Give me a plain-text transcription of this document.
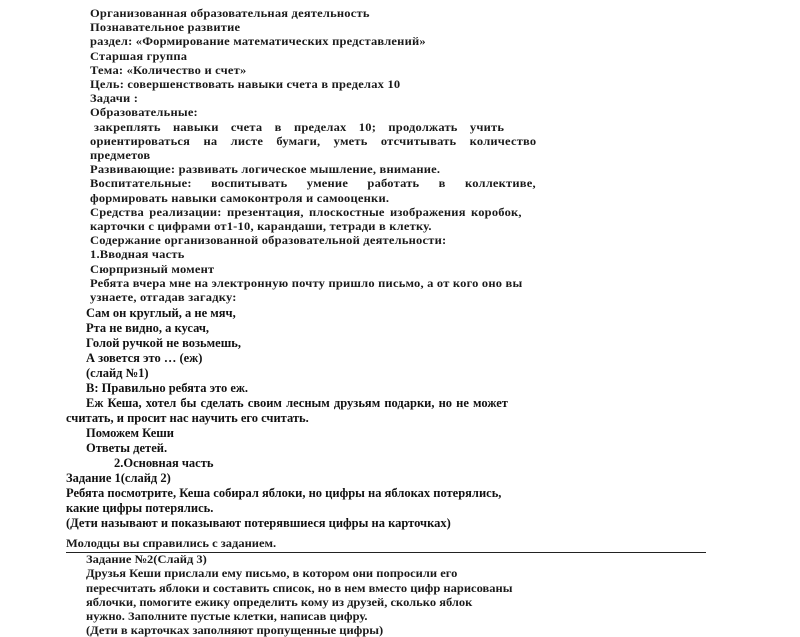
Организованная образовательная деятельность
Познавательное развитие
раздел: «Формирование математических представлений»
Старшая группа
Тема: «Количество и счет»
Цель: совершенствовать навыки счета в пределах 10
Задачи :
Образовательные:
закреплять навыки счета в пределах 10; продолжать учить
ориентироваться на листе бумаги, уметь отсчитывать количество
предметов
Развивающие: развивать логическое мышление, внимание.
Воспитательные: воспитывать умение работать в коллективе,
формировать навыки самоконтроля и самооценки.
Средства реализации: презентация, плоскостные изображения коробок,
карточки с цифрами от1-10, карандаши, тетради в клетку.
Содержание организованной образовательной деятельности:
1.Вводная часть
Сюрпризный момент
Ребята вчера мне на электронную почту пришло письмо, а от кого оно вы
узнаете, отгадав загадку:
Сам он круглый, а не мяч,
Рта не видно, а кусач,
Голой ручкой не возьмешь,
А зовется это … (еж)
(слайд №1)
В: Правильно ребята это еж.
Еж Кеша, хотел бы сделать своим лесным друзьям подарки, но не может
считать, и просит нас научить его считать.
Поможем Кеши
Ответы детей.
2.Основная часть
Задание 1(слайд 2)
Ребята посмотрите, Кеша собирал яблоки, но цифры на яблоках потерялись,
какие цифры потерялись.
(Дети называют и показывают потерявшиеся цифры на карточках)
Молодцы вы справились с заданием.
Задание №2(Слайд 3)
Друзья Кеши прислали ему письмо, в котором они попросили его
пересчитать яблоки и составить список, но в нем вместо цифр нарисованы
яблочки, помогите ежику определить кому из друзей, сколько яблок
нужно. Заполните пустые клетки, написав цифру.
(Дети в карточках заполняют пропущенные цифры)
